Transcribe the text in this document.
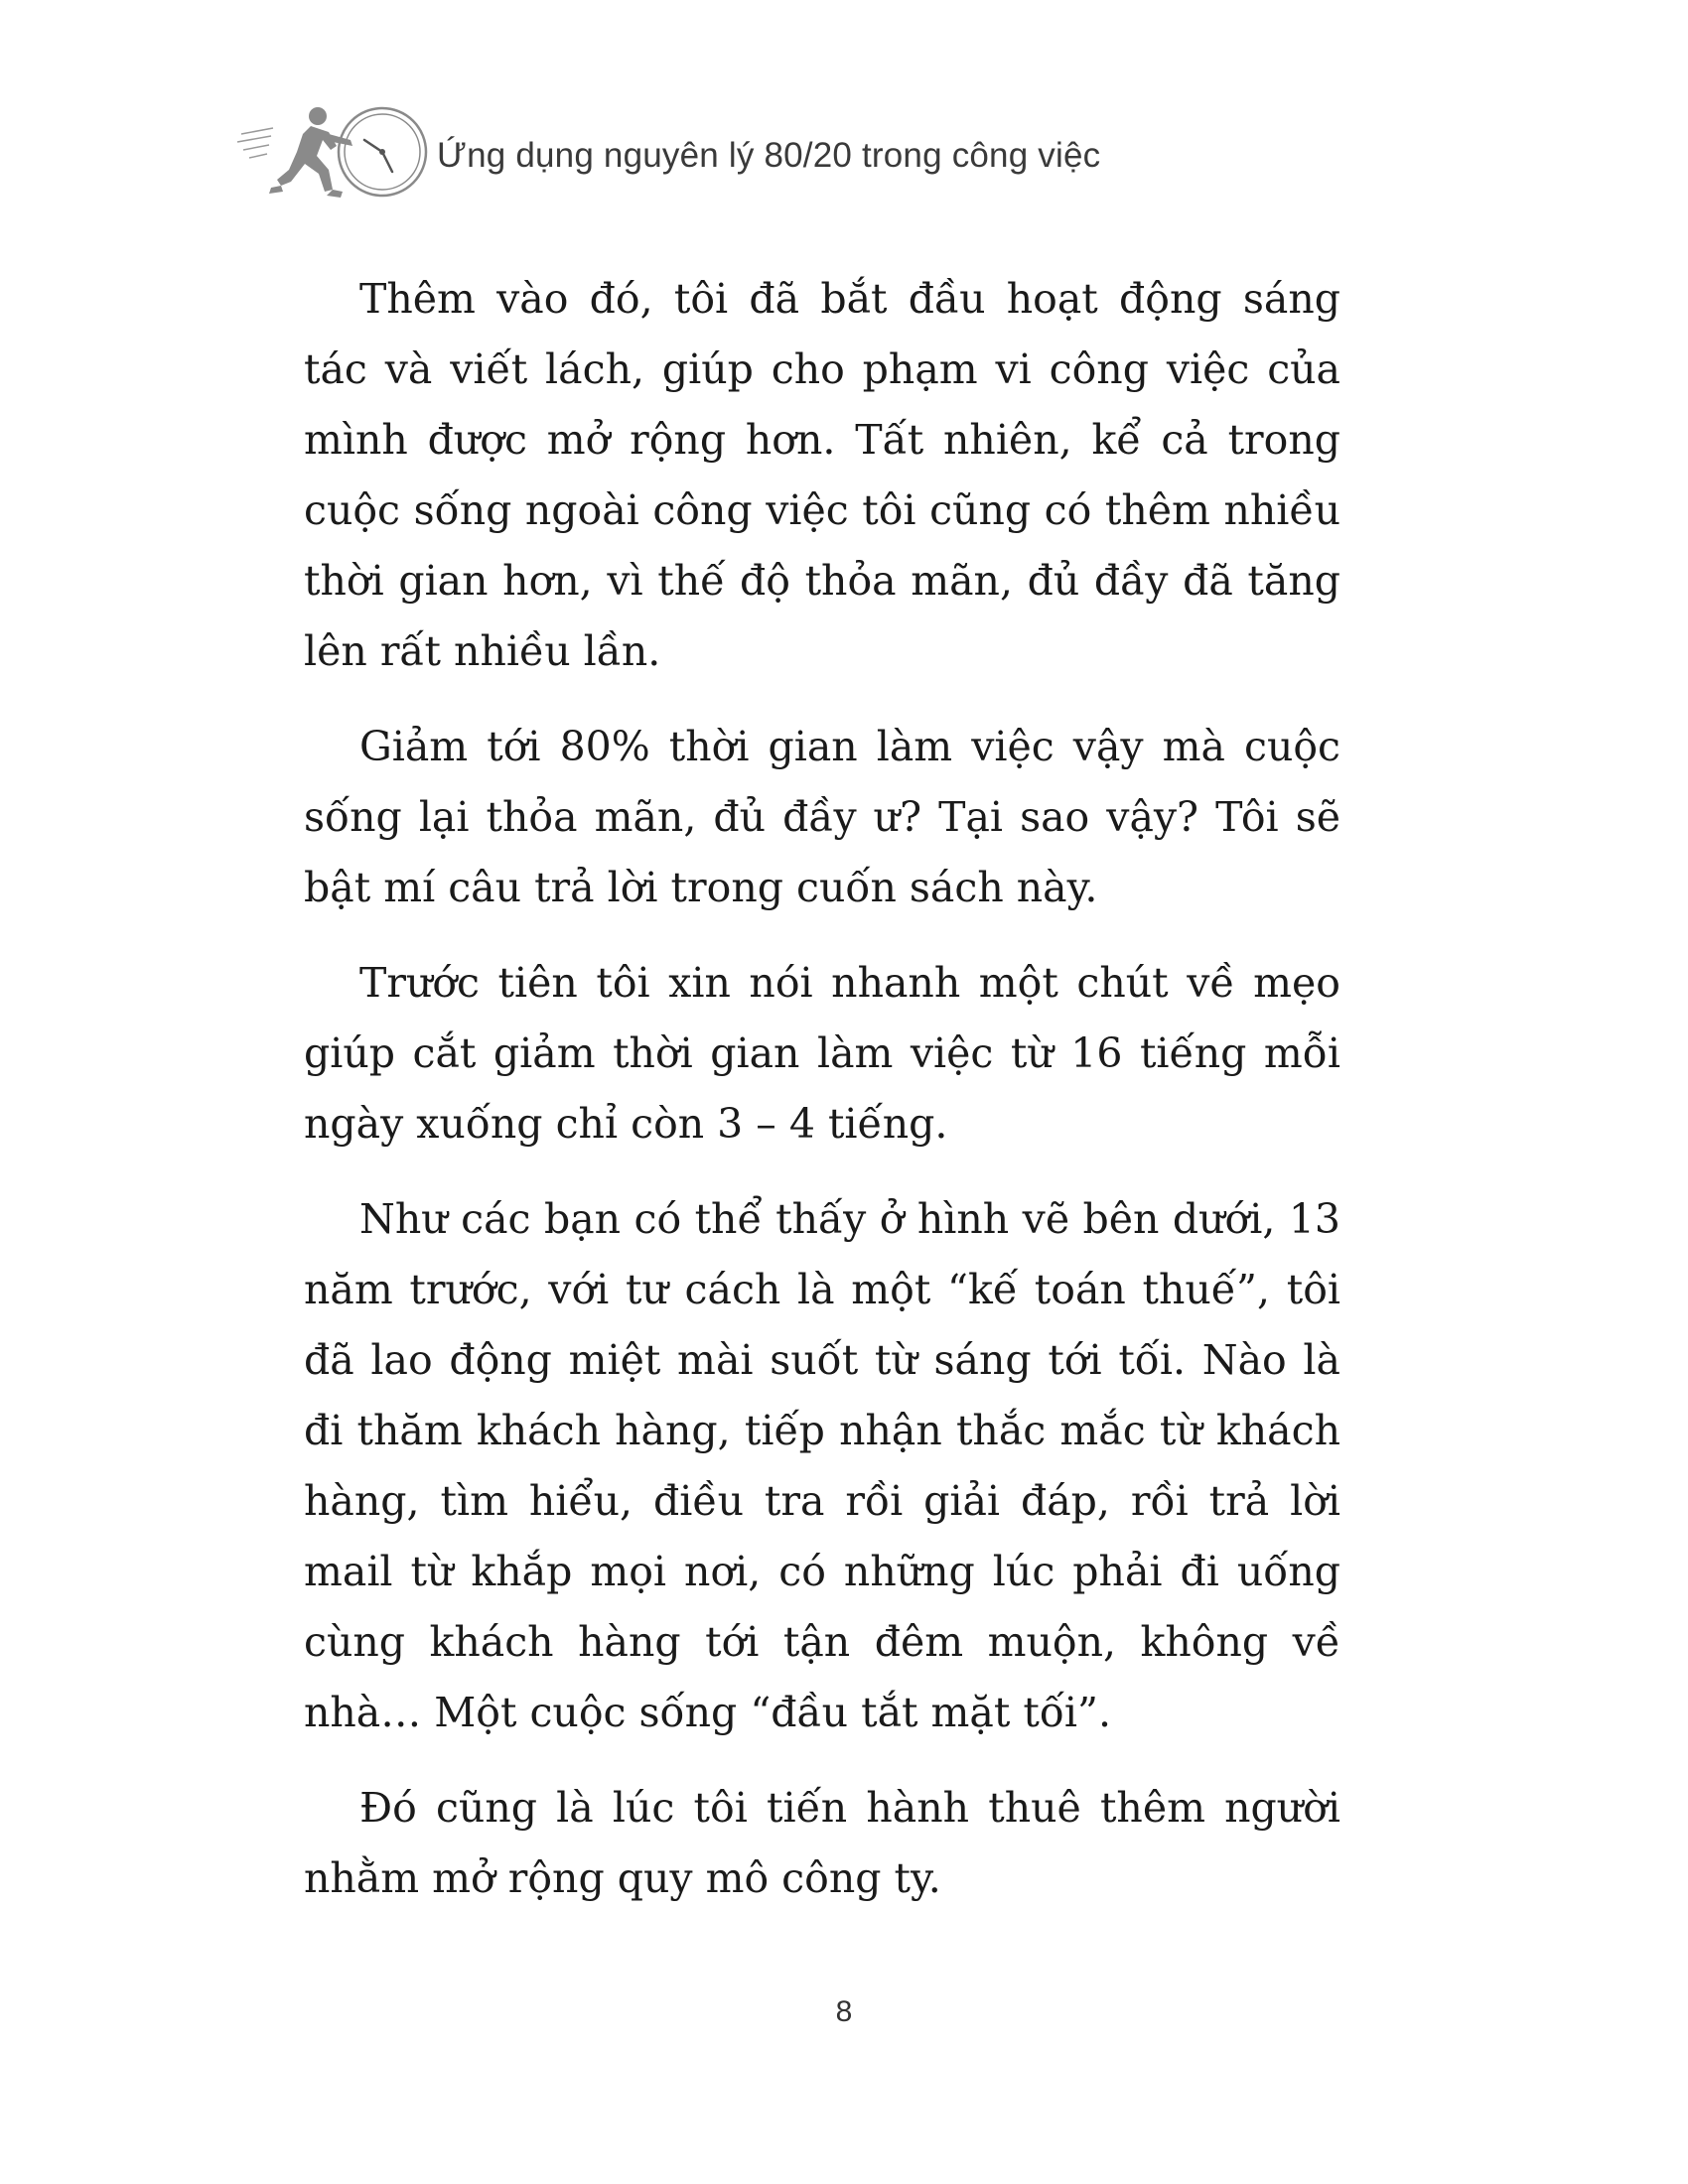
Ứng dụng nguyên lý 80/20 trong công việc

Thêm vào đó, tôi đã bắt đầu hoạt động sáng tác và viết lách, giúp cho phạm vi công việc của mình được mở rộng hơn. Tất nhiên, kể cả trong cuộc sống ngoài công việc tôi cũng có thêm nhiều thời gian hơn, vì thế độ thỏa mãn, đủ đầy đã tăng lên rất nhiều lần.

Giảm tới 80% thời gian làm việc vậy mà cuộc sống lại thỏa mãn, đủ đầy ư? Tại sao vậy? Tôi sẽ bật mí câu trả lời trong cuốn sách này.

Trước tiên tôi xin nói nhanh một chút về mẹo giúp cắt giảm thời gian làm việc từ 16 tiếng mỗi ngày xuống chỉ còn 3 – 4 tiếng.

Như các bạn có thể thấy ở hình vẽ bên dưới, 13 năm trước, với tư cách là một “kế toán thuế”, tôi đã lao động miệt mài suốt từ sáng tới tối. Nào là đi thăm khách hàng, tiếp nhận thắc mắc từ khách hàng, tìm hiểu, điều tra rồi giải đáp, rồi trả lời mail từ khắp mọi nơi, có những lúc phải đi uống cùng khách hàng tới tận đêm muộn, không về nhà… Một cuộc sống “đầu tắt mặt tối”.

Đó cũng là lúc tôi tiến hành thuê thêm người nhằm mở rộng quy mô công ty.

8
